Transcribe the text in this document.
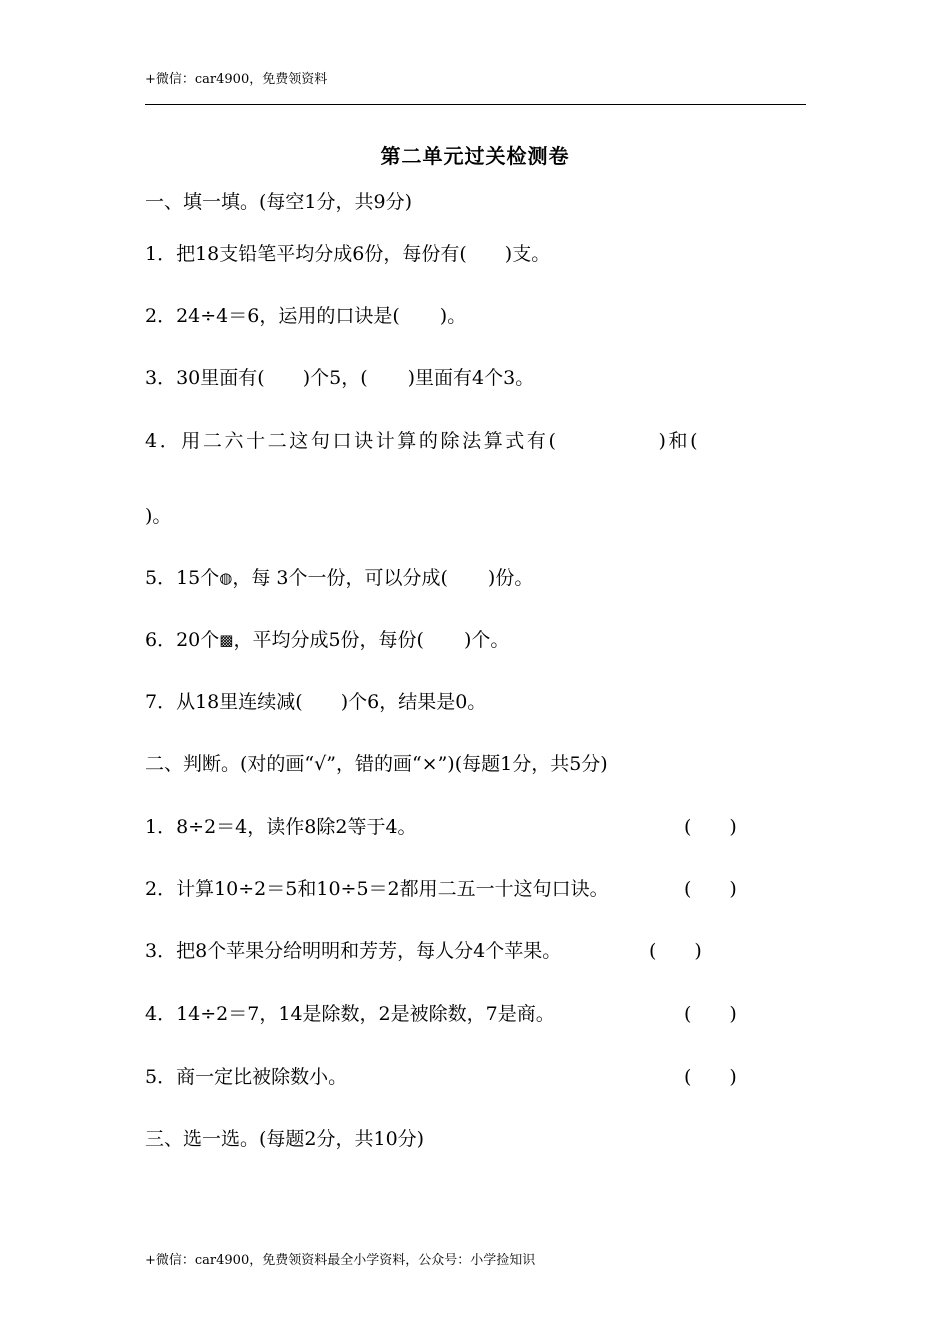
+微信：car4900，免费领资料
第二单元过关检测卷
一、填一填。(每空1分，共9分)
1．把18支铅笔平均分成6份，每份有( )支。
2．24÷4＝6，运用的口诀是( )。
3．30里面有( )个5，( )里面有4个3。
4．用二六十二这句口诀计算的除法算式有(	)和(
)。
5．15个◍，每 3个一份，可以分成( )份。
6．20个▩，平均分成5份，每份( )个。
7．从18里连续减( )个6，结果是0。
二、判断。(对的画“√”，错的画“×”)(每题1分，共5分)
1．8÷2＝4，读作8除2等于4。	(　　)
2．计算10÷2＝5和10÷5＝2都用二五一十这句口诀。	(　　)
3．把8个苹果分给明明和芳芳，每人分4个苹果。	(　　)
4．14÷2＝7，14是除数，2是被除数，7是商。	(　　)
5．商一定比被除数小。	(　　)
三、选一选。(每题2分，共10分)
+微信：car4900，免费领资料最全小学资料，公众号：小学捡知识
